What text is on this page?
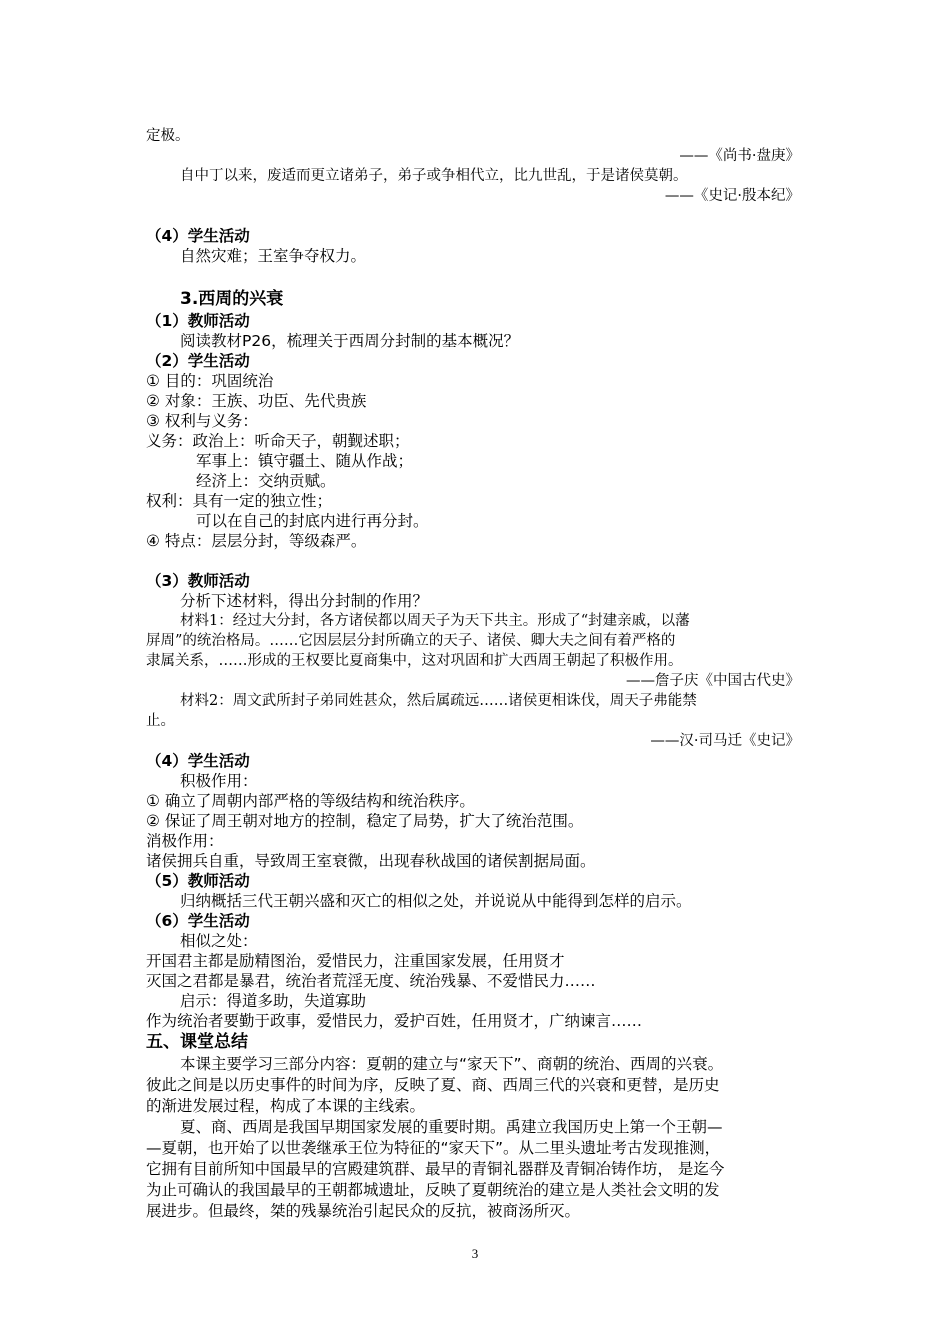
定极。
——《尚书·盘庚》
自中丁以来，废适而更立诸弟子，弟子或争相代立，比九世乱，于是诸侯莫朝。
——《史记·殷本纪》
（4）学生活动
自然灾难；王室争夺权力。
3.西周的兴衰
（1）教师活动
阅读教材P26，梳理关于西周分封制的基本概况？
（2）学生活动
① 目的：巩固统治
② 对象：王族、功臣、先代贵族
③ 权利与义务：
义务：政治上：听命天子，朝觐述职；
军事上：镇守疆土、随从作战；
经济上：交纳贡赋。
权利：具有一定的独立性；
可以在自己的封底内进行再分封。
④ 特点：层层分封，等级森严。
（3）教师活动
分析下述材料，得出分封制的作用？
材料1：经过大分封，各方诸侯都以周天子为天下共主。形成了“封建亲戚，以藩
屏周”的统治格局。……它因层层分封所确立的天子、诸侯、卿大夫之间有着严格的
隶属关系，……形成的王权要比夏商集中，这对巩固和扩大西周王朝起了积极作用。
——詹子庆《中国古代史》
材料2：周文武所封子弟同姓甚众，然后属疏远……诸侯更相诛伐，周天子弗能禁
止。
——汉·司马迁《史记》
（4）学生活动
积极作用：
① 确立了周朝内部严格的等级结构和统治秩序。
② 保证了周王朝对地方的控制，稳定了局势，扩大了统治范围。
消极作用：
诸侯拥兵自重，导致周王室衰微，出现春秋战国的诸侯割据局面。
（5）教师活动
归纳概括三代王朝兴盛和灭亡的相似之处，并说说从中能得到怎样的启示。
（6）学生活动
相似之处：
开国君主都是励精图治，爱惜民力，注重国家发展，任用贤才
灭国之君都是暴君，统治者荒淫无度、统治残暴、不爱惜民力……
启示：得道多助，失道寡助
作为统治者要勤于政事，爱惜民力，爱护百姓，任用贤才，广纳谏言……
五、课堂总结
本课主要学习三部分内容：夏朝的建立与“家天下”、商朝的统治、西周的兴衰。
彼此之间是以历史事件的时间为序，反映了夏、商、西周三代的兴衰和更替，是历史
的渐进发展过程，构成了本课的主线索。
夏、商、西周是我国早期国家发展的重要时期。禹建立我国历史上第一个王朝—
—夏朝，也开始了以世袭继承王位为特征的“家天下”。从二里头遗址考古发现推测，
它拥有目前所知中国最早的宫殿建筑群、最早的青铜礼器群及青铜冶铸作坊， 是迄今
为止可确认的我国最早的王朝都城遗址，反映了夏朝统治的建立是人类社会文明的发
展进步。但最终，桀的残暴统治引起民众的反抗，被商汤所灭。
3
